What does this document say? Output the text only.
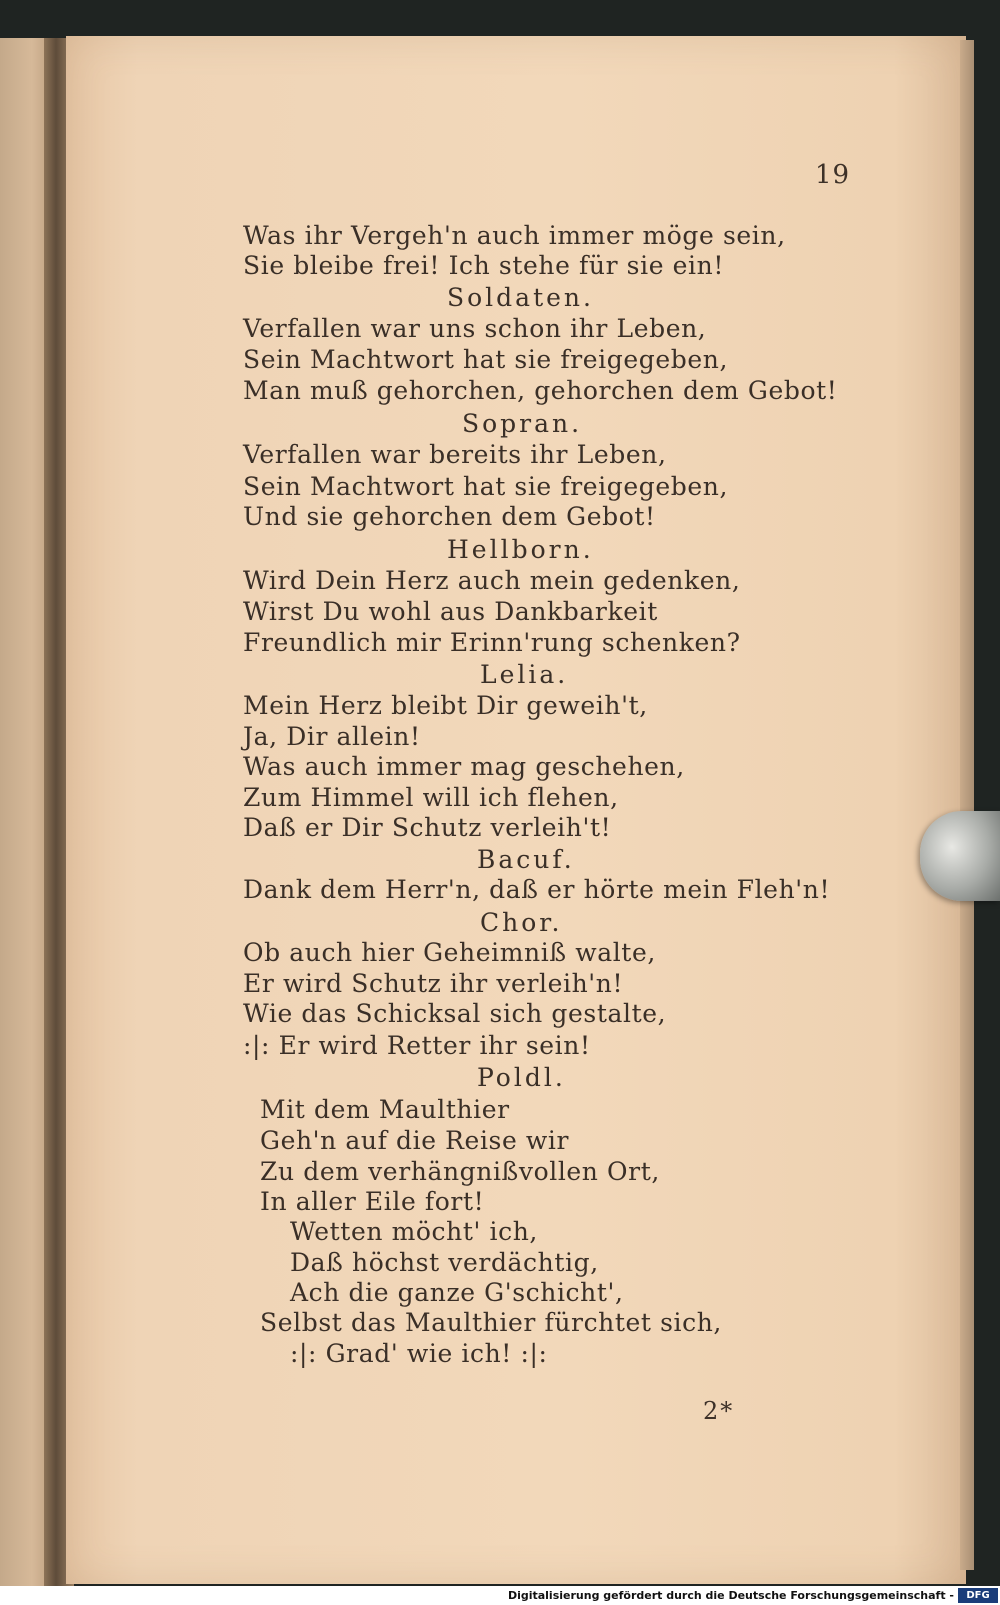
19
Was ihr Vergeh'n auch immer möge sein,
Sie bleibe frei! Ich stehe für sie ein!
Soldaten.
Verfallen war uns schon ihr Leben,
Sein Machtwort hat sie freigegeben,
Man muß gehorchen, gehorchen dem Gebot!
Sopran.
Verfallen war bereits ihr Leben,
Sein Machtwort hat sie freigegeben,
Und sie gehorchen dem Gebot!
Hellborn.
Wird Dein Herz auch mein gedenken,
Wirst Du wohl aus Dankbarkeit
Freundlich mir Erinn'rung schenken?
Lelia.
Mein Herz bleibt Dir geweih't,
Ja, Dir allein!
Was auch immer mag geschehen,
Zum Himmel will ich flehen,
Daß er Dir Schutz verleih't!
Bacuf.
Dank dem Herr'n, daß er hörte mein Fleh'n!
Chor.
Ob auch hier Geheimniß walte,
Er wird Schutz ihr verleih'n!
Wie das Schicksal sich gestalte,
:|: Er wird Retter ihr sein!
Poldl.
Mit dem Maulthier
Geh'n auf die Reise wir
Zu dem verhängnißvollen Ort,
In aller Eile fort!
Wetten möcht' ich,
Daß höchst verdächtig,
Ach die ganze G'schicht',
Selbst das Maulthier fürchtet sich,
:|: Grad' wie ich! :|:
2*
Digitalisierung gefördert durch die Deutsche Forschungsgemeinschaft -	DFG
